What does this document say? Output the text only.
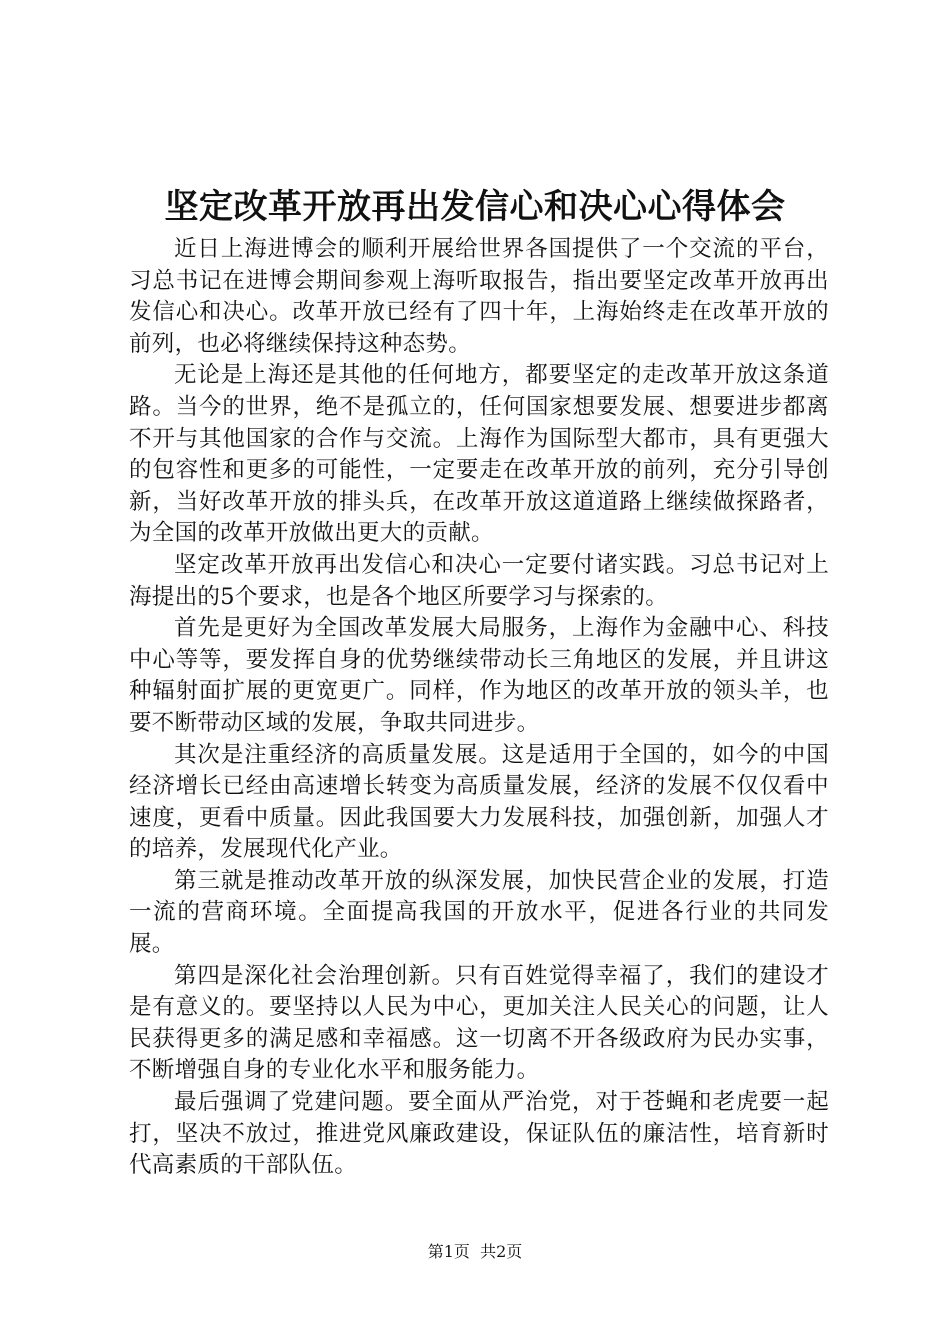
坚定改革开放再出发信心和决心心得体会

近日上海进博会的顺利开展给世界各国提供了一个交流的平台，习总书记在进博会期间参观上海听取报告，指出要坚定改革开放再出发信心和决心。改革开放已经有了四十年，上海始终走在改革开放的前列，也必将继续保持这种态势。

无论是上海还是其他的任何地方，都要坚定的走改革开放这条道路。当今的世界，绝不是孤立的，任何国家想要发展、想要进步都离不开与其他国家的合作与交流。上海作为国际型大都市，具有更强大的包容性和更多的可能性，一定要走在改革开放的前列，充分引导创新，当好改革开放的排头兵，在改革开放这道道路上继续做探路者，为全国的改革开放做出更大的贡献。

坚定改革开放再出发信心和决心一定要付诸实践。习总书记对上海提出的5个要求，也是各个地区所要学习与探索的。

首先是更好为全国改革发展大局服务，上海作为金融中心、科技中心等等，要发挥自身的优势继续带动长三角地区的发展，并且讲这种辐射面扩展的更宽更广。同样，作为地区的改革开放的领头羊，也要不断带动区域的发展，争取共同进步。

其次是注重经济的高质量发展。这是适用于全国的，如今的中国经济增长已经由高速增长转变为高质量发展，经济的发展不仅仅看中速度，更看中质量。因此我国要大力发展科技，加强创新，加强人才的培养，发展现代化产业。

第三就是推动改革开放的纵深发展，加快民营企业的发展，打造一流的营商环境。全面提高我国的开放水平，促进各行业的共同发展。

第四是深化社会治理创新。只有百姓觉得幸福了，我们的建设才是有意义的。要坚持以人民为中心，更加关注人民关心的问题，让人民获得更多的满足感和幸福感。这一切离不开各级政府为民办实事，不断增强自身的专业化水平和服务能力。

最后强调了党建问题。要全面从严治党，对于苍蝇和老虎要一起打，坚决不放过，推进党风廉政建设，保证队伍的廉洁性，培育新时代高素质的干部队伍。

第1页  共2页
